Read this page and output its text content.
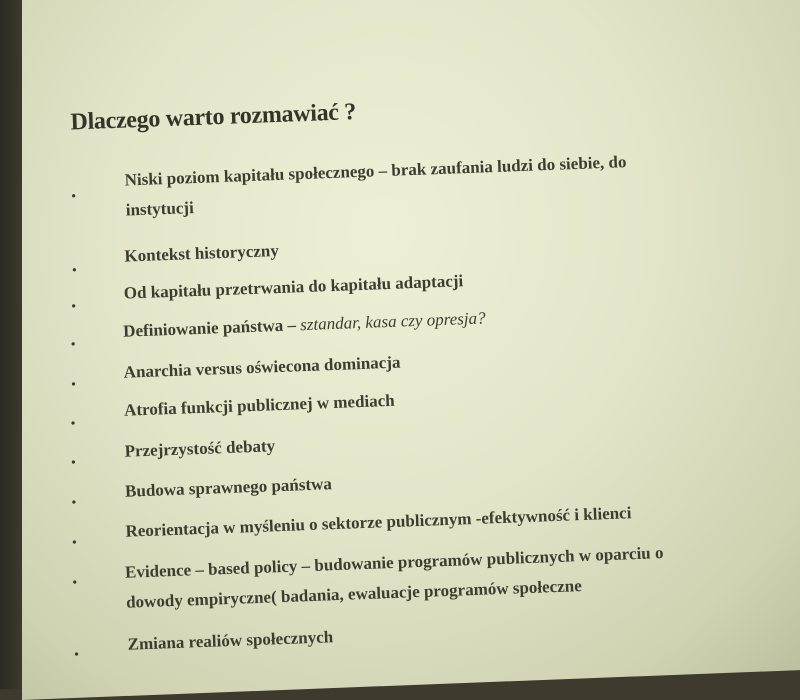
Dlaczego warto rozmawiać ?
•
Niski poziom kapitału społecznego – brak zaufania ludzi do siebie, do
instytucji
•
Kontekst historyczny
•
Od kapitału przetrwania do kapitału adaptacji
•
Definiowanie państwa – sztandar, kasa czy opresja?
•
Anarchia versus oświecona dominacja
•
Atrofia funkcji publicznej w mediach
•
Przejrzystość debaty
•
Budowa sprawnego państwa
•
Reorientacja w myśleniu o sektorze publicznym -efektywność i klienci
•
Evidence – based policy – budowanie programów publicznych w oparciu o
dowody empiryczne( badania, ewaluacje programów społeczne
•
Zmiana realiów społecznych
